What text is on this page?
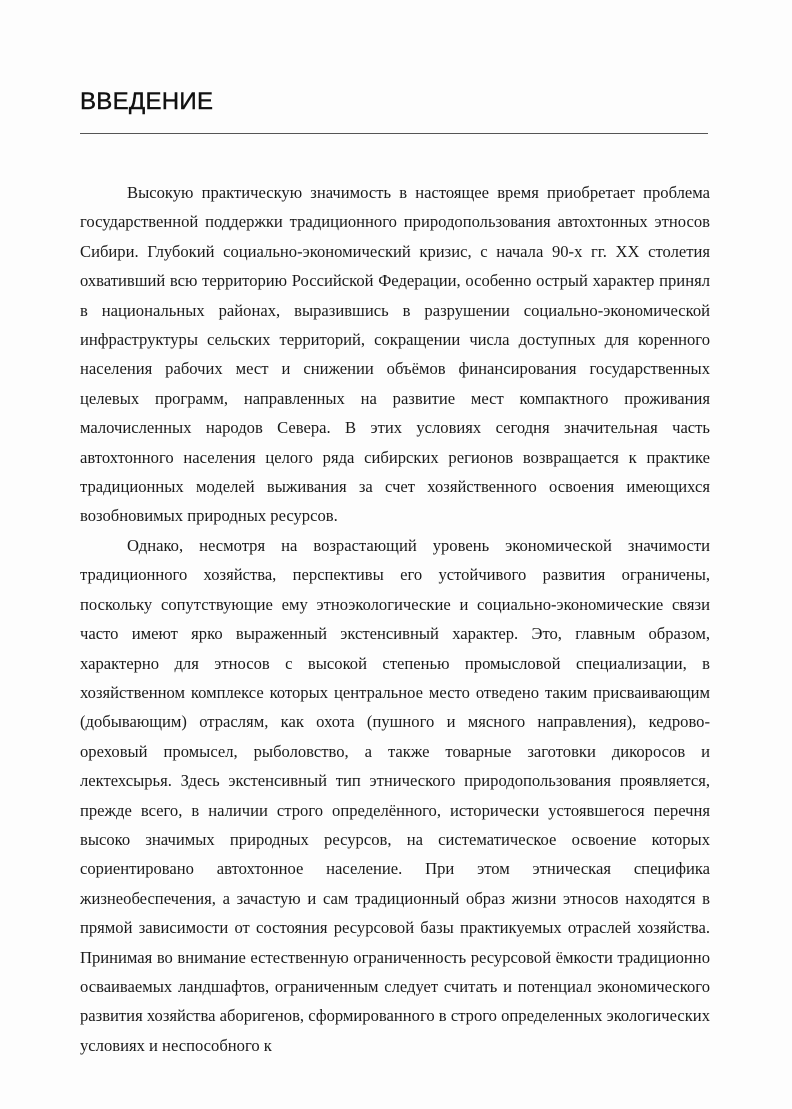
ВВЕДЕНИЕ

Высокую практическую значимость в настоящее время приобретает проблема государственной поддержки традиционного природопользования автохтонных этносов Сибири. Глубокий социально-экономический кризис, с начала 90-х гг. XX столетия охвативший всю территорию Российской Федерации, особенно острый характер принял в национальных районах, выразившись в разрушении социально-экономической инфраструктуры сельских территорий, сокращении числа доступных для коренного населения рабочих мест и снижении объёмов финансирования государственных целевых программ, направленных на развитие мест компактного проживания малочисленных народов Севера. В этих условиях сегодня значительная часть автохтонного населения целого ряда сибирских регионов возвращается к практике традиционных моделей выживания за счет хозяйственного освоения имеющихся возобновимых природных ресурсов.

Однако, несмотря на возрастающий уровень экономической значимости традиционного хозяйства, перспективы его устойчивого развития ограничены, поскольку сопутствующие ему этноэкологические и социально-экономические связи часто имеют ярко выраженный экстенсивный характер. Это, главным образом, характерно для этносов с высокой степенью промысловой специализации, в хозяйственном комплексе которых центральное место отведено таким присваивающим (добывающим) отраслям, как охота (пушного и мясного направления), кедрово-ореховый промысел, рыболовство, а также товарные заготовки дикоросов и лектехсырья. Здесь экстенсивный тип этнического природопользования проявляется, прежде всего, в наличии строго определённого, исторически устоявшегося перечня высоко значимых природных ресурсов, на систематическое освоение которых сориентировано автохтонное население. При этом этническая специфика жизнеобеспечения, а зачастую и сам традиционный образ жизни этносов находятся в прямой зависимости от состояния ресурсовой базы практикуемых отраслей хозяйства. Принимая во внимание естественную ограниченность ресурсовой ёмкости традиционно осваиваемых ландшафтов, ограниченным следует считать и потенциал экономического развития хозяйства аборигенов, сформированного в строго определенных экологических условиях и неспособного к
